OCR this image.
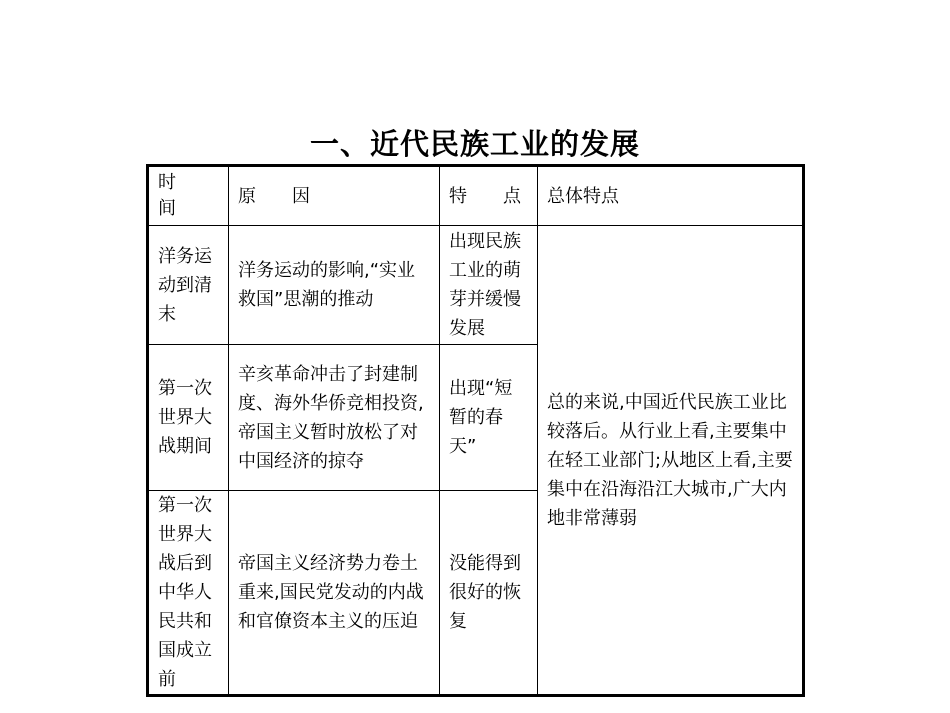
一、近代民族工业的发展
时
间	原　　因	特　　点	总体特点
洋务运动到清末	洋务运动的影响,“实业救国”思潮的推动	出现民族工业的萌芽并缓慢发展	总的来说,中国近代民族工业比较落后。从行业上看,主要集中在轻工业部门;从地区上看,主要集中在沿海沿江大城市,广大内地非常薄弱
第一次世界大战期间	辛亥革命冲击了封建制度、海外华侨竞相投资,帝国主义暂时放松了对中国经济的掠夺	出现“短暂的春天”	
第一次世界大战后到中华人民共和国成立前	帝国主义经济势力卷土重来,国民党发动的内战和官僚资本主义的压迫	没能得到很好的恢复	
